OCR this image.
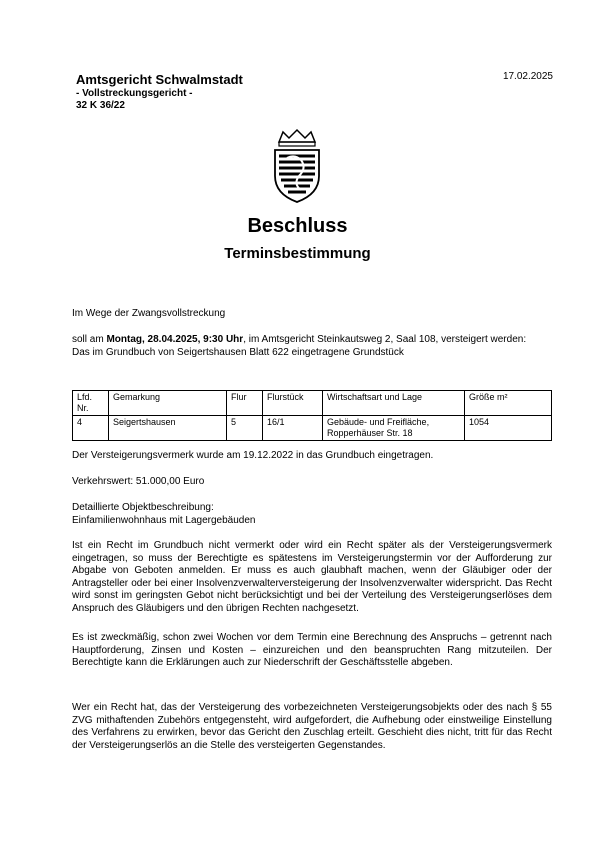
Amtsgericht Schwalmstadt
- Vollstreckungsgericht -
32 K 36/22
17.02.2025
Beschluss
Terminsbestimmung
Im Wege der Zwangsvollstreckung
soll am Montag, 28.04.2025, 9:30 Uhr, im Amtsgericht Steinkautsweg 2, Saal 108, versteigert werden:
Das im Grundbuch von Seigertshausen Blatt 622 eingetragene Grundstück
Lfd. Nr.	Gemarkung	Flur	Flurstück	Wirtschaftsart und Lage	Größe m²
4	Seigertshausen	5	16/1	Gebäude- und Freifläche, Ropperhäuser Str. 18	1054
Der Versteigerungsvermerk wurde am 19.12.2022 in das Grundbuch eingetragen.
Verkehrswert: 51.000,00 Euro
Detaillierte Objektbeschreibung:
Einfamilienwohnhaus mit Lagergebäuden
Ist ein Recht im Grundbuch nicht vermerkt oder wird ein Recht später als der Versteigerungsvermerk eingetragen, so muss der Berechtigte es spätestens im Versteigerungstermin vor der Aufforderung zur Abgabe von Geboten anmelden. Er muss es auch glaubhaft machen, wenn der Gläubiger oder der Antragsteller oder bei einer Insolvenzverwalterversteigerung der Insolvenzverwalter widerspricht. Das Recht wird sonst im geringsten Gebot nicht berücksichtigt und bei der Verteilung des Versteigerungserlöses dem Anspruch des Gläubigers und den übrigen Rechten nachgesetzt.
Es ist zweckmäßig, schon zwei Wochen vor dem Termin eine Berechnung des Anspruchs – getrennt nach Hauptforderung, Zinsen und Kosten – einzureichen und den beanspruchten Rang mitzuteilen. Der Berechtigte kann die Erklärungen auch zur Niederschrift der Geschäftsstelle abgeben.
Wer ein Recht hat, das der Versteigerung des vorbezeichneten Versteigerungsobjekts oder des nach § 55 ZVG mithaftenden Zubehörs entgegensteht, wird aufgefordert, die Aufhebung oder einstweilige Einstellung des Verfahrens zu erwirken, bevor das Gericht den Zuschlag erteilt. Geschieht dies nicht, tritt für das Recht der Versteigerungserlös an die Stelle des versteigerten Gegenstandes.
